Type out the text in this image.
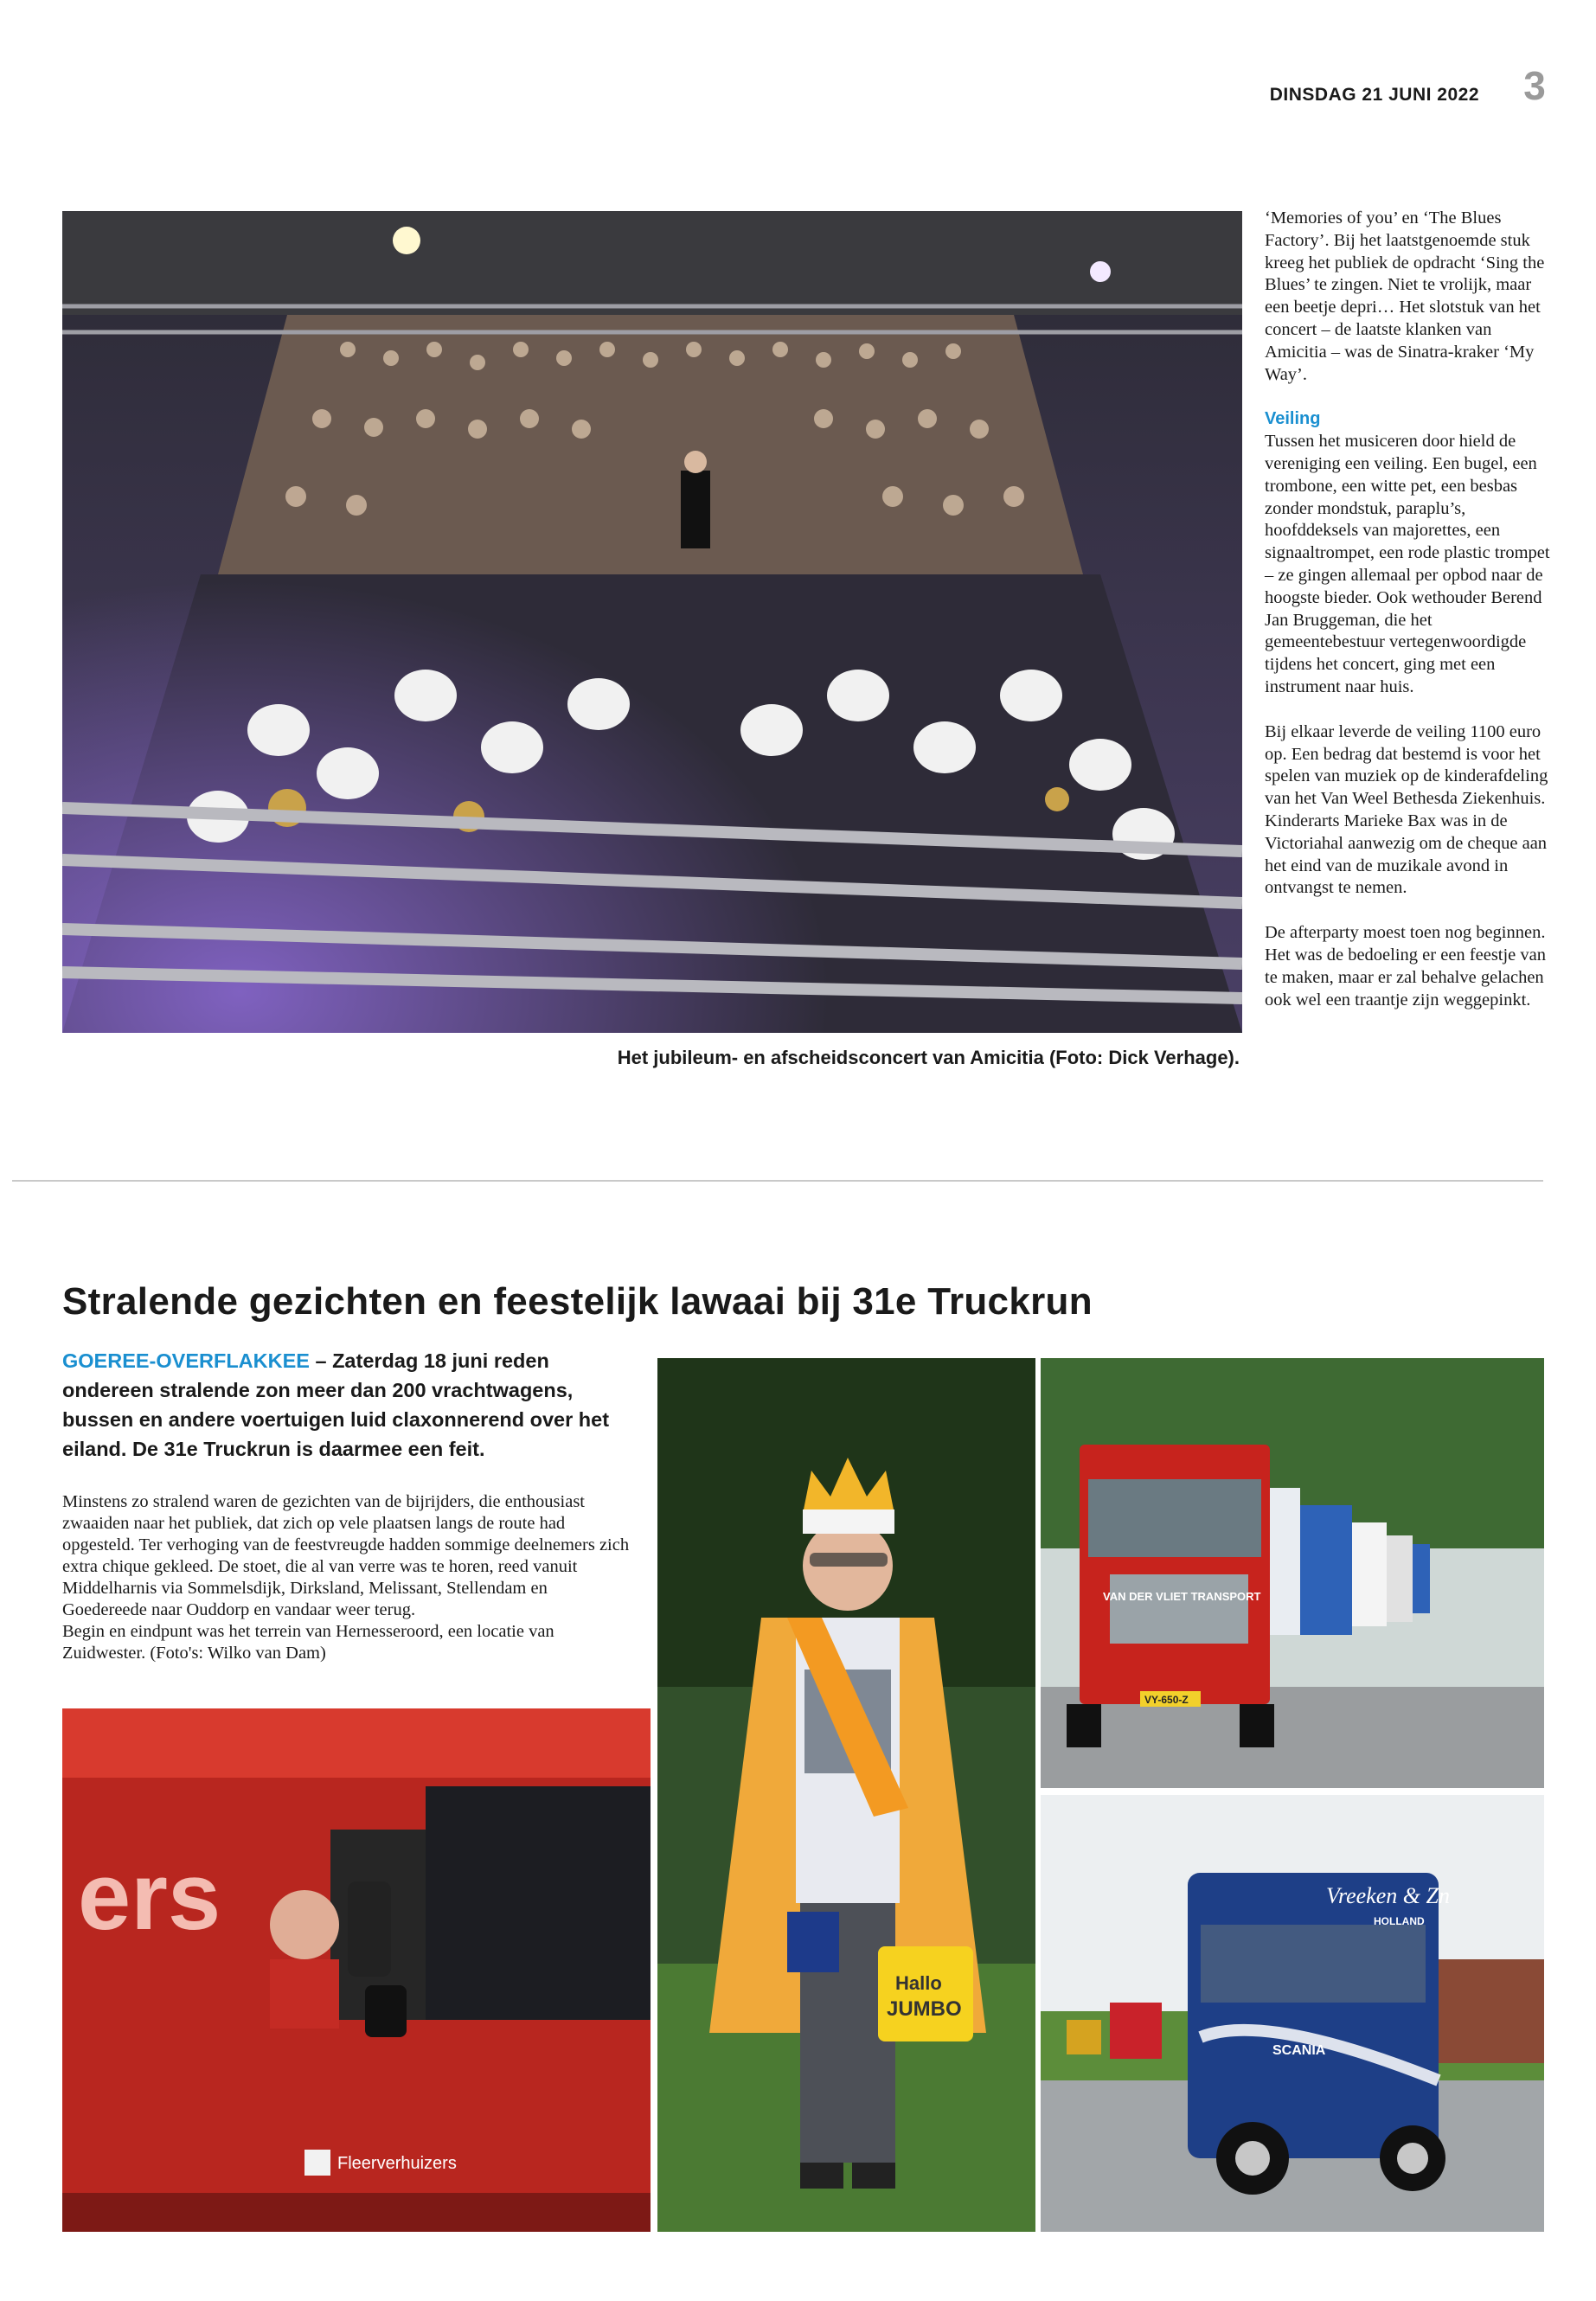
DINSDAG 21 JUNI 2022 3
Het jubileum- en afscheidsconcert van Amicitia (Foto: Dick Verhage).

‘Memories of you’ en ‘The Blues Factory’. Bij het laatstgenoemde stuk kreeg het publiek de opdracht ‘Sing the Blues’ te zingen. Niet te vrolijk, maar een beetje depri… Het slotstuk van het concert – de laatste klanken van Amicitia – was de Sinatra-kraker ‘My Way’.

Veiling

Tussen het musiceren door hield de vereniging een veiling. Een bugel, een trombone, een witte pet, een besbas zonder mondstuk, paraplu’s, hoofddeksels van majorettes, een signaaltrompet, een rode plastic trompet – ze gingen allemaal per opbod naar de hoogste bieder. Ook wethouder Berend Jan Bruggeman, die het gemeentebestuur vertegenwoordigde tijdens het concert, ging met een instrument naar huis.

Bij elkaar leverde de veiling 1100 euro op. Een bedrag dat bestemd is voor het spelen van muziek op de kinderafdeling van het Van Weel Bethesda Ziekenhuis. Kinderarts Marieke Bax was in de Victoriahal aanwezig om de cheque aan het eind van de muzikale avond in ontvangst te nemen.

De afterparty moest toen nog beginnen. Het was de bedoeling er een feestje van te maken, maar er zal behalve gelachen ook wel een traantje zijn weggepinkt.

Stralende gezichten en feestelijk lawaai bij 31e Truckrun
GOEREE-OVERFLAKKEE – Zaterdag 18 juni reden ondereen stralende zon meer dan 200 vrachtwagens, bussen en andere voertuigen luid claxonnerend over het eiland. De 31e Truckrun is daarmee een feit.

Minstens zo stralend waren de gezichten van de bijrijders, die enthousiast zwaaiden naar het publiek, dat zich op vele plaatsen langs de route had opgesteld. Ter verhoging van de feestvreugde hadden sommige deelnemers zich extra chique gekleed. De stoet, die al van verre was te horen, reed vanuit Middelharnis via Sommelsdijk, Dirksland, Melissant, Stellendam en Goedereede naar Ouddorp en vandaar weer terug.

Begin en eindpunt was het terrein van Hernesseroord, een locatie van Zuidwester. (Foto's: Wilko van Dam)

ers
Fleerverhuizers
Hallo
JUMBO
VAN DER VLIET TRANSPORT
VY-650-Z
Vreeken & Zn
HOLLAND
SCANIA
